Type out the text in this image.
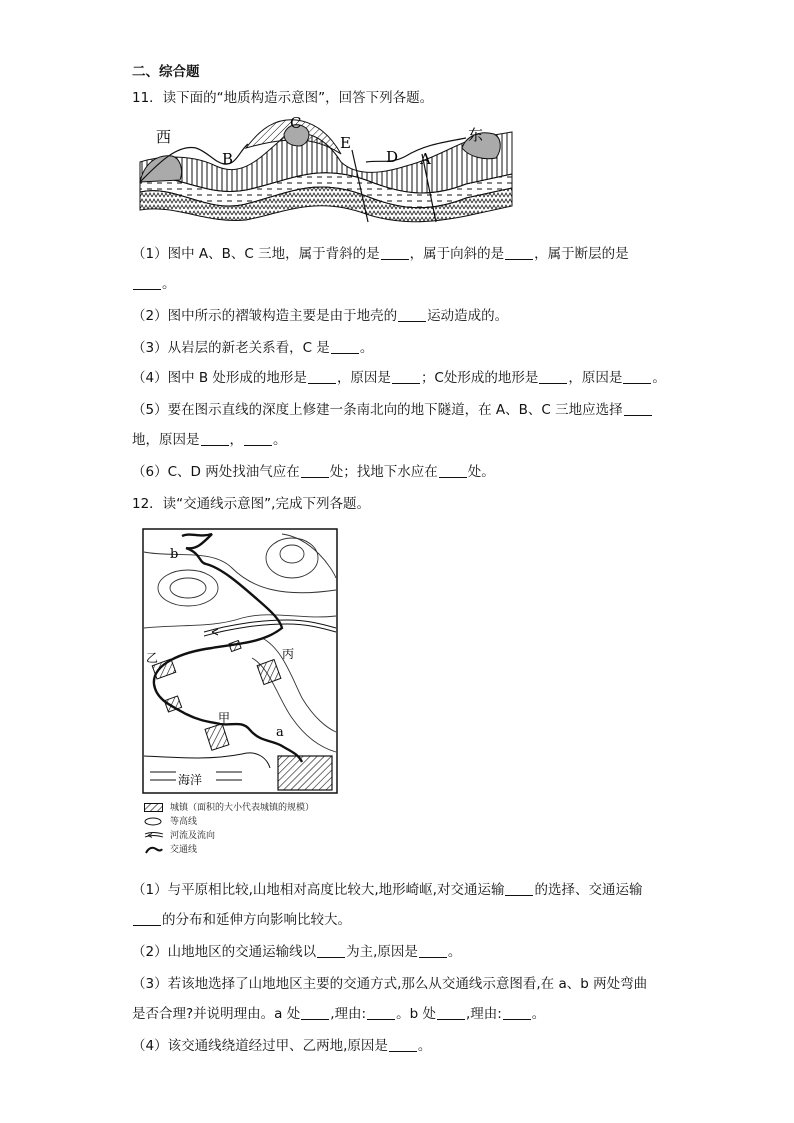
二、综合题
11．读下面的“地质构造示意图”，回答下列各题。
西	东
C
E
B	D A
（1）图中 A、B、C 三地，属于背斜的是 ，属于向斜的是 ，属于断层的是
。
（2）图中所示的褶皱构造主要是由于地壳的 运动造成的。
（3）从岩层的新老关系看，C 是 。
（4）图中 B 处形成的地形是 ，原因是 ；C处形成的地形是 ，原因是 。
（5）要在图示直线的深度上修建一条南北向的地下隧道，在 A、B、C 三地应选择
地，原因是 ， 。
（6）C、D 两处找油气应在 处；找地下水应在 处。
12．读“交通线示意图”,完成下列各题。
b
a
乙	丙
甲
海洋
城镇（面积的大小代表城镇的规模）
等高线
河流及流向
交通线
（1）与平原相比较,山地相对高度比较大,地形崎岖,对交通运输 的选择、交通运输
的分布和延伸方向影响比较大。
（2）山地地区的交通运输线以 为主,原因是 。
（3）若该地选择了山地地区主要的交通方式,那么从交通线示意图看,在 a、b 两处弯曲
是否合理?并说明理由。a 处 ,理由: 。b 处 ,理由: 。
（4）该交通线绕道经过甲、乙两地,原因是 。
